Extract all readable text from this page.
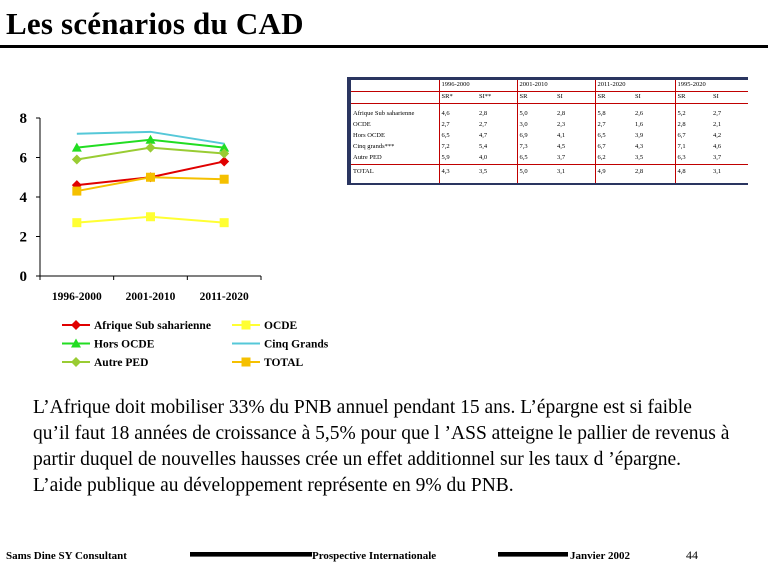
Les scénarios du CAD
0
2
4
6
8
1996-2000 2001-2010 2011-2020
Afrique Sub saharienne	OCDE
Hors OCDE	Cinq Grands
Autre PED	TOTAL
	1996-2000		2001-2010		2011-2020		1995-2020	
	SR*	SI**	SR	SI	SR	SI	SR	SI

Afrique Sub saharienne	4,6	2,8	5,0	2,8	5,8	2,6	5,2	2,7
OCDE	2,7	2,7	3,0	2,3	2,7	1,6	2,8	2,1
Hors OCDE	6,5	4,7	6,9	4,1	6,5	3,9	6,7	4,2
Cinq grands***	7,2	5,4	7,3	4,5	6,7	4,3	7,1	4,6
Autre PED	5,9	4,0	6,5	3,7	6,2	3,5	6,3	3,7
TOTAL	4,3	3,5	5,0	3,1	4,9	2,8	4,8	3,1
L’Afrique doit mobiliser 33% du PNB annuel pendant 15 ans. L’épargne est si faible qu’il faut 18 années de croissance à 5,5% pour que l ’ASS atteigne le pallier de revenus à partir duquel de nouvelles hausses crée un effet additionnel sur les taux d ’épargne. L’aide publique au développement représente en 9% du PNB.
Sams Dine SY Consultant	Prospective Internationale	Janvier 2002	44
